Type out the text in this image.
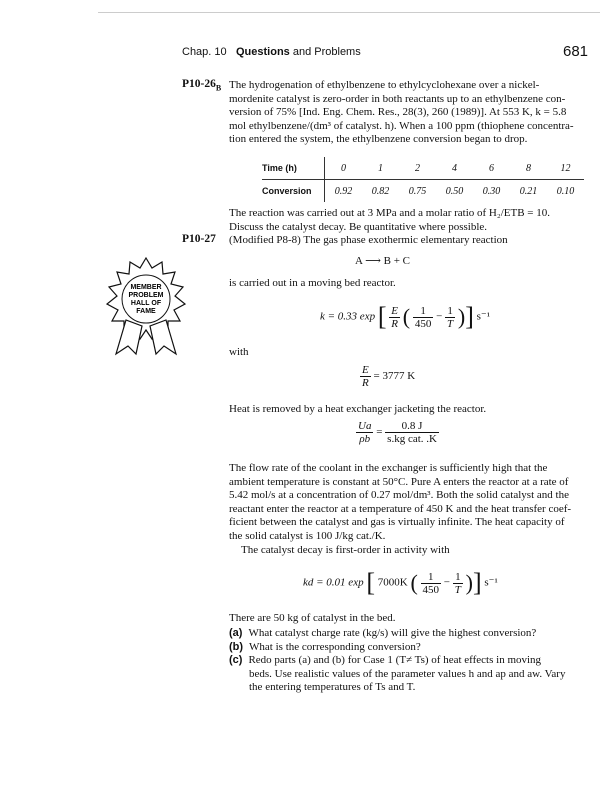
Chap. 10 Questions and Problems	681
$P10-26_B$ The hydrogenation of ethylbenzene to ethylcyclohexane over a nickel-
mordenite catalyst is zero-order in both reactants up to an ethylbenzene con-
version of 75% [Ind. Eng. Chem. Res., 28(3), 260 (1989)]. At 553 K, k = 5.8
mol ethylbenzene/(dm³ of catalyst. h). When a 100 ppm (thiophene concentra-
tion entered the system, the ethylbenzene conversion began to drop.
Time (h)	0	1	2	4	6	8	12
Conversion	0.92	0.82	0.75	0.50	0.30	0.21	0.10
The reaction was carried out at 3 MPa and a molar ratio of H₂/ETB = 10.
Discuss the catalyst decay. Be quantitative where possible.
P10-27 (Modified P8-8) The gas phase exothermic elementary reaction
A ⟶ B + C
is carried out in a moving bed reactor.
k = 0.33 exp [ $\frac{E}{R}$ ( $\frac{1}{450} - \frac{1}{T}$ )] s⁻¹
with
$\frac{E}{R} = 3777$ K
Heat is removed by a heat exchanger jacketing the reactor.
$\frac{Ua}{\rho b} = \frac{0.8 J}{\text{s.kg cat. .K}}$
The flow rate of the coolant in the exchanger is sufficiently high that the
ambient temperature is constant at 50°C. Pure A enters the reactor at a rate of
5.42 mol/s at a concentration of 0.27 mol/dm³. Both the solid catalyst and the
reactant enter the reactor at a temperature of 450 K and the heat transfer coef-
ficient between the catalyst and gas is virtually infinite. The heat capacity of
the solid catalyst is 100 J/kg cat./K.
The catalyst decay is first-order in activity with
kd = 0.01 exp [ 7000K ( $\frac{1}{450} - \frac{1}{T}$ )] s⁻¹
There are 50 kg of catalyst in the bed.
(a) What catalyst charge rate (kg/s) will give the highest conversion?
(b) What is the corresponding conversion?
(c) Redo parts (a) and (b) for Case 1 (T≠ Ts) of heat effects in moving
beds. Use realistic values of the parameter values h and ap and aw. Vary
the entering temperatures of Ts and T.
MEMBER
PROBLEM
HALL OF
FAME
